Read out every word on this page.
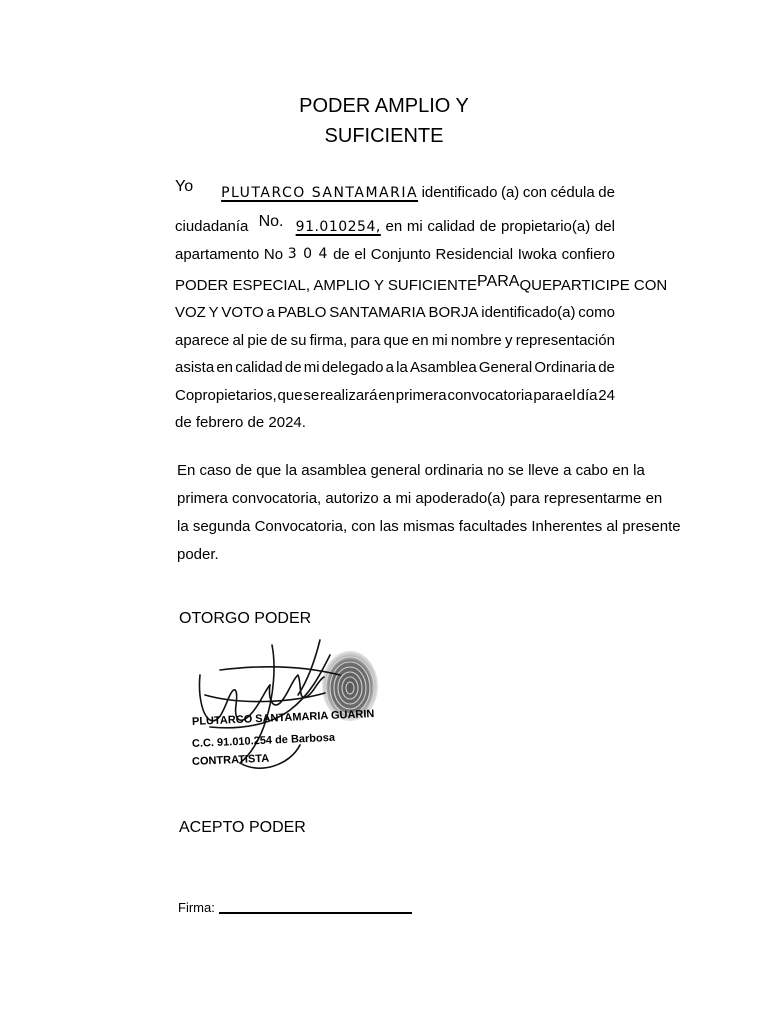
PODER AMPLIO Y
SUFICIENTE
Yo PLUTARCO SANTAMARIA identificado (a) con cédula de
ciudadanía No. 91.010254, en mi calidad de propietario(a) del
apartamento No 3 0 4 de el Conjunto Residencial Iwoka confiero
PODER ESPECIAL, AMPLIO Y SUFICIENTE PARA QUEPARTICIPE CON
VOZ Y VOTO a PABLO SANTAMARIA BORJA identificado(a) como
aparece al pie de su firma, para que en mi nombre y representación
asista en calidad de mi delegado a la Asamblea General Ordinaria de
Copropietarios, que se realizará en primera convocatoria para el día 24
de febrero de 2024.
En caso de que la asamblea general ordinaria no se lleve a cabo en la
primera convocatoria, autorizo a mi apoderado(a) para representarme en
la segunda Convocatoria, con las mismas facultades Inherentes al presente
poder.
OTORGO PODER
PLUTARCO SANTAMARIA GUARIN
C.C. 91.010.254 de Barbosa
CONTRATISTA
ACEPTO PODER
Firma:
